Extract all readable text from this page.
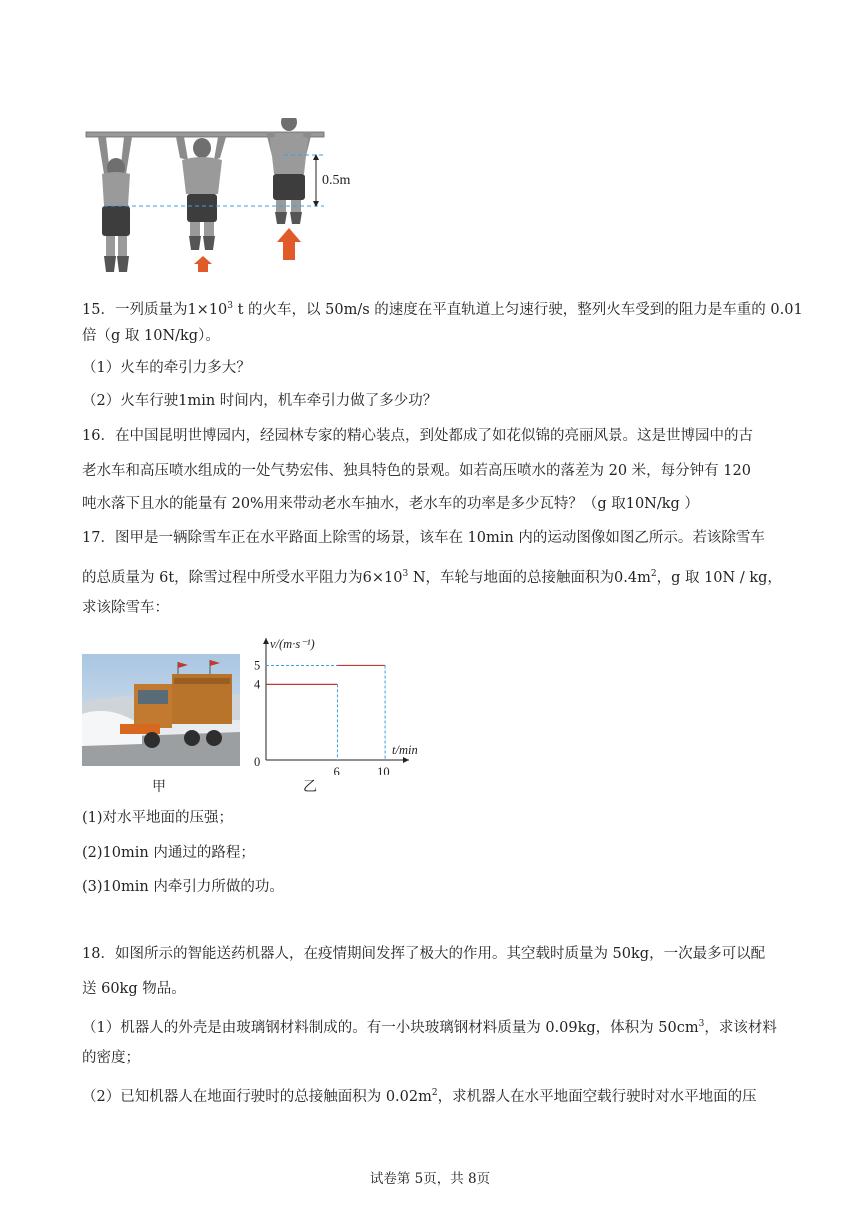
0.5m
15．一列质量为$1\times 10^3$ t 的火车，以 50m/s 的速度在平直轨道上匀速行驶，整列火车受到的阻力是车重的 0.01
倍（g 取 10N/kg）。
（1）火车的牵引力多大？
（2）火车行驶1min 时间内，机车牵引力做了多少功？
16．在中国昆明世博园内，经园林专家的精心装点，到处都成了如花似锦的亮丽风景。这是世博园中的古
老水车和高压喷水组成的一处气势宏伟、独具特色的景观。如若高压喷水的落差为 20 米，每分钟有 120
吨水落下且水的能量有 20%用来带动老水车抽水，老水车的功率是多少瓦特？（g 取10N/kg ）
17．图甲是一辆除雪车正在水平路面上除雪的场景，该车在 10min 内的运动图像如图乙所示。若该除雪车
的总质量为 6t，除雪过程中所受水平阻力为$6\times 10^3$ N，车轮与地面的总接触面积为$0.4m^2$，g 取 10N / kg，
求该除雪车：
甲
v/(m·s⁻¹)
t/min
0
6	10
4
5
乙
(1)对水平地面的压强；
(2)10min 内通过的路程；
(3)10min 内牵引力所做的功。
18．如图所示的智能送药机器人，在疫情期间发挥了极大的作用。其空载时质量为 50kg，一次最多可以配
送 60kg 物品。
（1）机器人的外壳是由玻璃钢材料制成的。有一小块玻璃钢材料质量为 0.09kg，体积为 $50cm^3$，求该材料
的密度；
（2）已知机器人在地面行驶时的总接触面积为 $0.02m^2$，求机器人在水平地面空载行驶时对水平地面的压
试卷第 5页，共 8页
